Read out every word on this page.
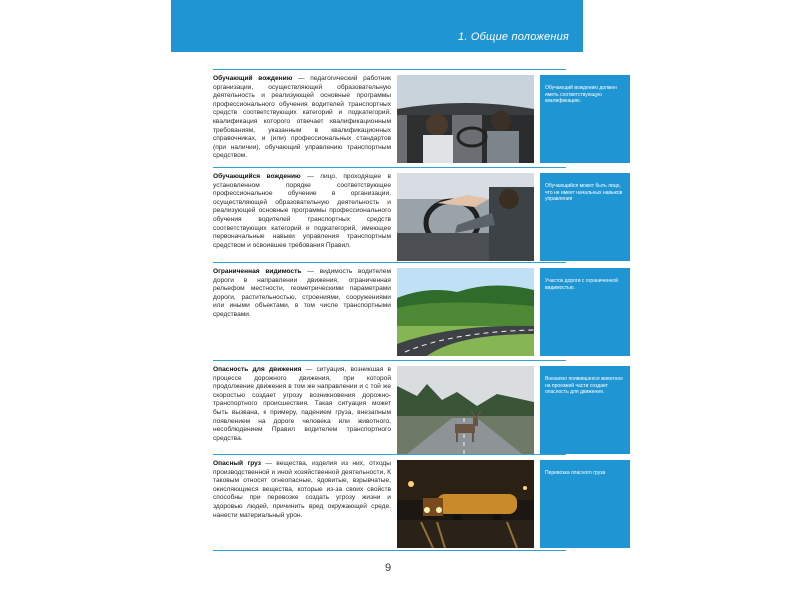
1. Общие положения
Обучающий вождению — педагогический работник организации, осуществляющей образовательную деятельность и реализующей основные программы профессионального обучения водителей транспортных средств соответствующих категорий и подкатегорий, квалификация которого отвечает квалификационным требованиям, указанным в квалификационных справочниках, и (или) профессиональных стандартов (при наличии), обучающий управлению транспортным средством.
Обучающий вождению должен иметь соответствующую квалификацию.
Обучающийся вождению — лицо, проходящее в установленном порядке соответствующее профессиональное обучение в организации, осуществляющей образовательную деятельность и реализующей основные программы профессионального обучения водителей транспортных средств соответствующих категорий и подкатегорий, имеющее первоначальные навыки управления транспортным средством и освоившее требования Правил.
Обучающийся может быть лицо, что не имеет начальных навыков управления
Ограниченная видимость — видимость водителем дороги в направлении движения, ограниченная рельефом местности, геометрическими параметрами дороги, растительностью, строениями, сооружениями или иными объектами, в том числе транспортными средствами.
Участок дороги с ограниченной видимостью.
Опасность для движения — ситуация, возникшая в процессе дорожного движения, при которой продолжение движения в том же направлении и с той же скоростью создает угрозу возникновения дорожно-транспортного происшествия. Такая ситуация может быть вызвана, к примеру, падением груза, внезапным появлением на дороге человека или животного, несоблюдением Правил водителем транспортного средства.
Внезапно появившееся животное на проезжей части создает опасность для движения.
Опасный груз — вещества, изделия из них, отходы производственной и иной хозяйственной деятельности, К таковым относят огнеопасные, ядовитые, взрывчатые, окисляющиеся вещества, которые из-за своих свойств способны при перевозке создать угрозу жизни и здоровью людей, причинить вред окружающей среде, нанести материальный урон.
Перевозка опасного груза
9
